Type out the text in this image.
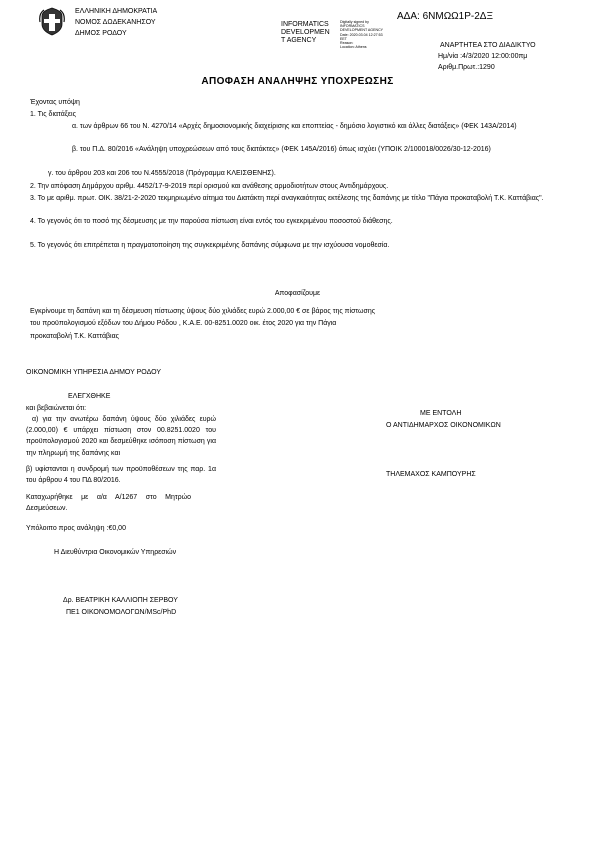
ΕΛΛΗΝΙΚΗ ΔΗΜΟΚΡΑΤΙΑ
ΝΟΜΟΣ ΔΩΔΕΚΑΝΗΣΟΥ
ΔΗΜΟΣ ΡΟΔΟΥ
INFORMATICS
DEVELOPMEN
T AGENCY
Digitally signed by
INFORMATICS
DEVELOPMENT AGENCY
Date: 2020.03.04 12:27:53
EET
Reason:
Location: Athens
ΑΔΑ: 6ΝΜΩΩ1Ρ-2ΔΞ
ΑΝΑΡΤΗΤΕΑ ΣΤΟ ΔΙΑΔΙΚΤΥΟ
Ημ/νία :4/3/2020 12:00:00πμ
Αριθμ.Πρωτ.:1290
ΑΠΟΦΑΣΗ ΑΝΑΛΗΨΗΣ ΥΠΟΧΡΕΩΣΗΣ
Έχοντας υπόψη
1. Τις διατάξεις
α. των άρθρων 66 του Ν. 4270/14 «Αρχές δημοσιονομικής διαχείρισης και εποπτείας - δημόσιο λογιστικό και άλλες διατάξεις» (ΦΕΚ 143Α/2014)
β. του Π.Δ. 80/2016 «Ανάληψη υποχρεώσεων από τους διατάκτες» (ΦΕΚ 145Α/2016) όπως ισχύει (ΥΠΟΙΚ 2/100018/0026/30-12-2016)
γ. του άρθρου 203 και 206 του Ν.4555/2018 (Πρόγραμμα ΚΛΕΙΣΘΕΝΗΣ).
2. Την απόφαση Δημάρχου αριθμ. 4452/17-9-2019 περί ορισμού και ανάθεσης αρμοδιοτήτων στους Αντιδημάρχους.
3. Το με αριθμ. πρωτ. ΟΙΚ. 38/21-2-2020 τεκμηριωμένο αίτημα του Διατάκτη περί αναγκαιότητας εκτέλεσης της δαπάνης με τίτλο "Πάγια προκαταβολή Τ.Κ. Καττάβιας".
4. Το γεγονός ότι το ποσό της δέσμευσης με την παρούσα πίστωση είναι εντός του εγκεκριμένου ποσοστού διάθεσης.
5. Το γεγονός ότι επιτρέπεται η πραγματοποίηση της συγκεκριμένης δαπάνης σύμφωνα με την ισχύουσα νομοθεσία.
Αποφασίζουμε
Εγκρίνουμε τη δαπάνη και τη δέσμευση πίστωσης ύψους δύο χιλιάδες ευρώ 2.000,00 € σε βάρος της πίστωσης
του προϋπολογισμού εξόδων του Δήμου Ρόδου , Κ.Α.Ε. 00-8251.0020 οικ. έτος 2020 για την Πάγια
προκαταβολή Τ.Κ. Καττάβιας
ΟΙΚΟΝΟΜΙΚΗ ΥΠΗΡΕΣΙΑ ΔΗΜΟΥ ΡΟΔΟΥ
ΕΛΕΓΧΘΗΚΕ
και βεβαιώνεται ότι:
α) για την ανωτέρω δαπάνη ύψους δύο χιλιάδες ευρώ (2.000,00) € υπάρχει πίστωση στον 00.8251.0020 του προϋπολογισμού 2020 και δεσμεύθηκε ισόποση πίστωση για την πληρωμή της δαπάνης και
β) υφίστανται η συνδρομή των προϋποθέσεων της παρ. 1α του άρθρου 4 του ΠΔ 80/2016.
Καταχωρήθηκε με α/α Α/1267 στο Μητρώο Δεσμεύσεων.
Υπόλοιπο προς ανάληψη :€0,00
Η Διευθύντρια Οικονομικών Υπηρεσιών
Δρ. ΒΕΑΤΡΙΚΗ ΚΑΛΛΙΟΠΗ ΣΕΡΒΟΥ
ΠΕ1 ΟΙΚΟΝΟΜΟΛΟΓΩΝ/MSc/PhD
ΜΕ ΕΝΤΟΛΗ
Ο ΑΝΤΙΔΗΜΑΡΧΟΣ ΟΙΚΟΝΟΜΙΚΩΝ
ΤΗΛΕΜΑΧΟΣ ΚΑΜΠΟΥΡΗΣ
